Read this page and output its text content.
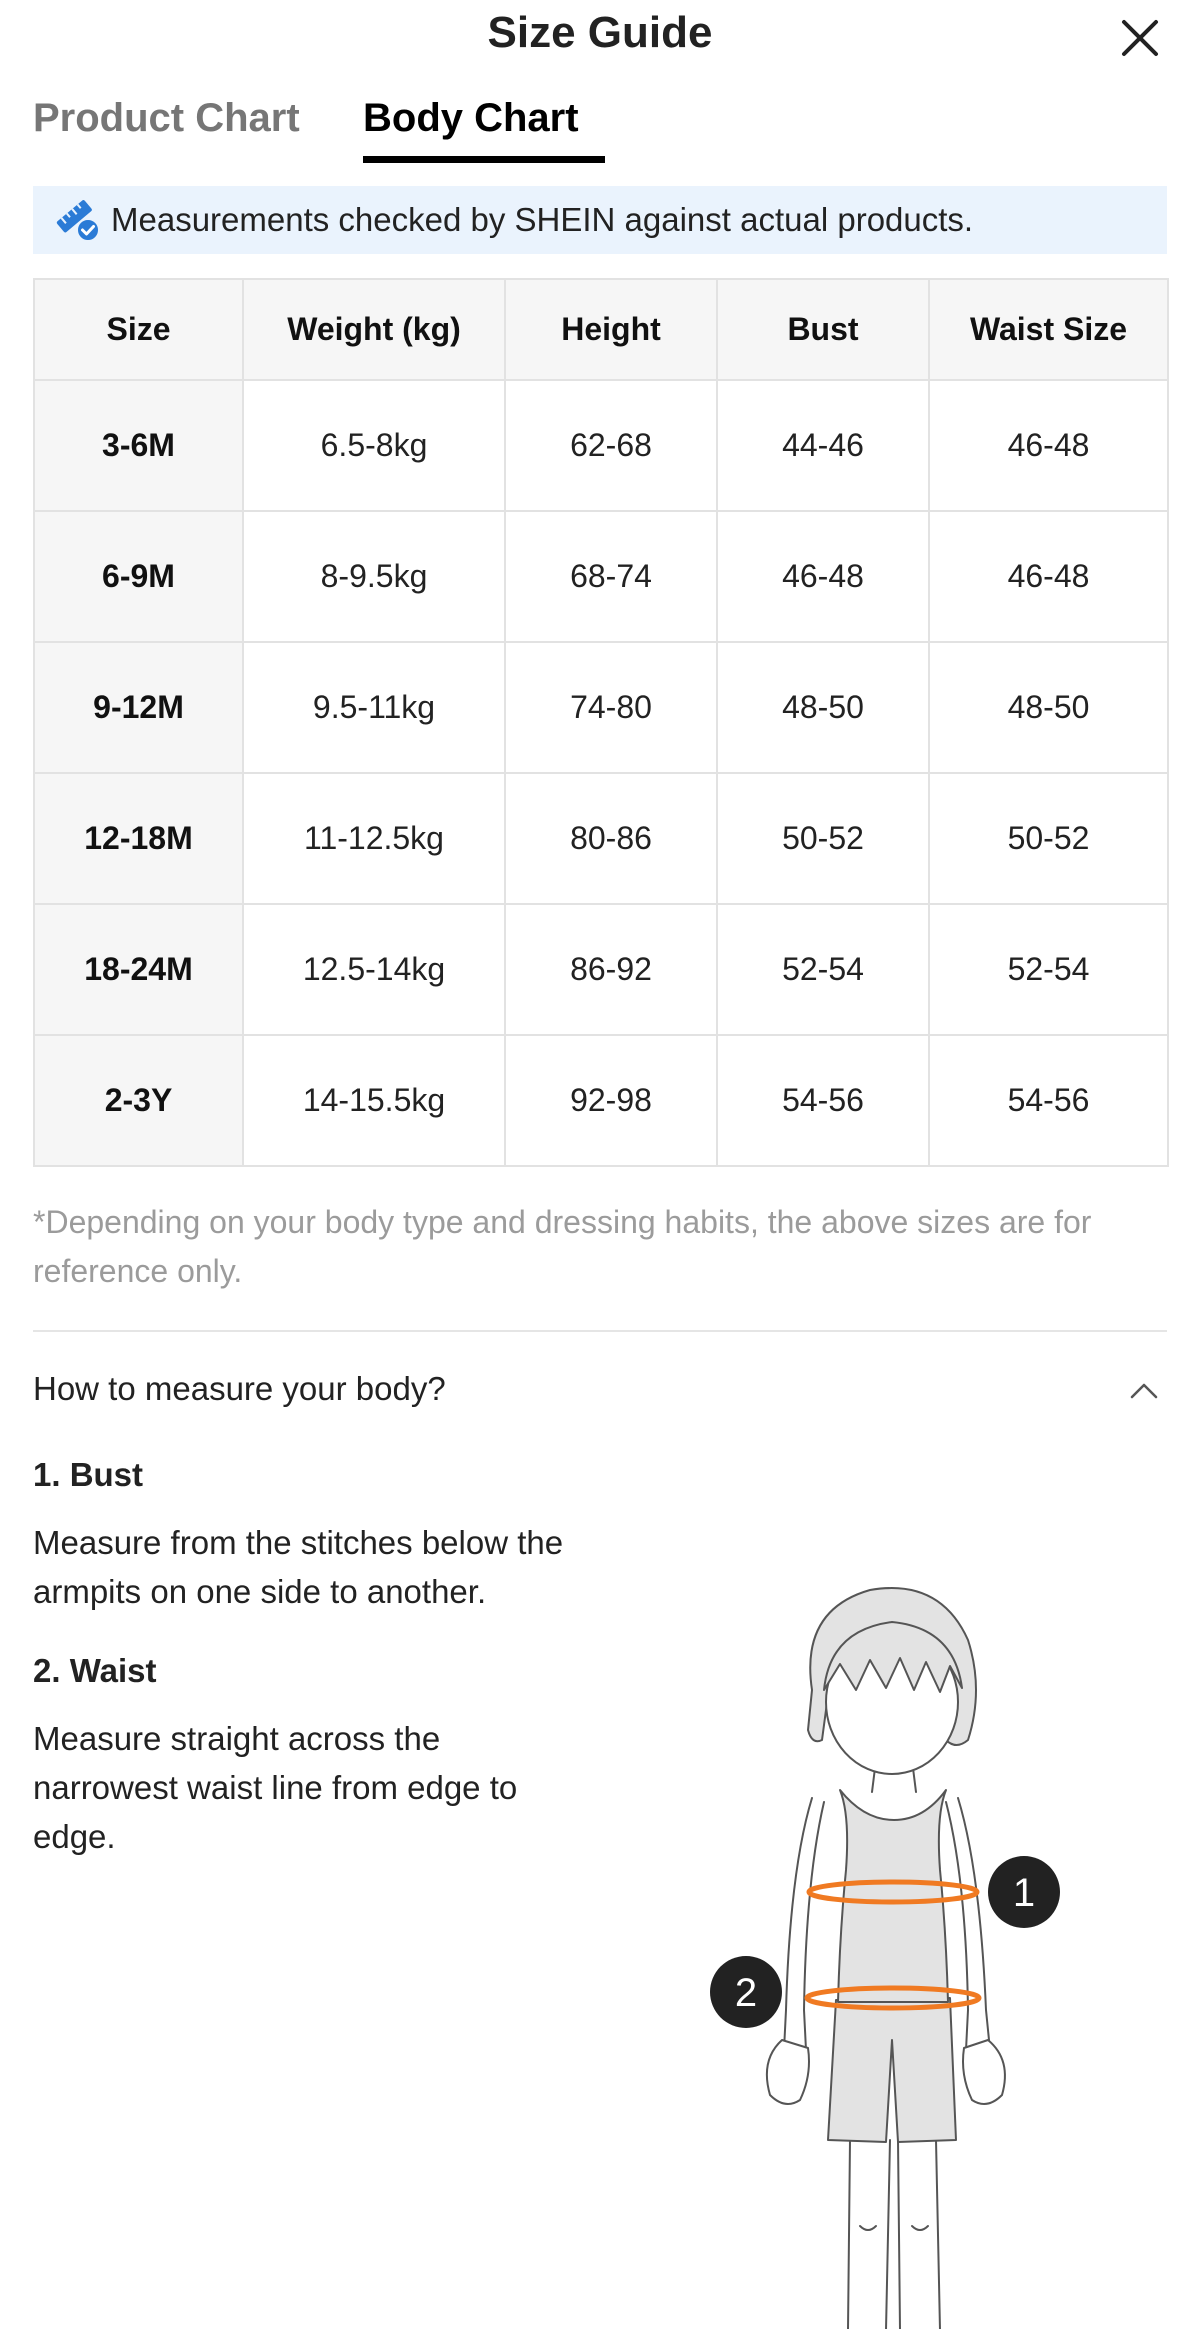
Size Guide
Product Chart Body Chart
Measurements checked by SHEIN against actual products.
Size	Weight (kg)	Height	Bust	Waist Size
3-6M	6.5-8kg	62-68	44-46	46-48
6-9M	8-9.5kg	68-74	46-48	46-48
9-12M	9.5-11kg	74-80	48-50	48-50
12-18M	11-12.5kg	80-86	50-52	50-52
18-24M	12.5-14kg	86-92	52-54	52-54
2-3Y	14-15.5kg	92-98	54-56	54-56
*Depending on your body type and dressing habits, the above sizes are for reference only.
How to measure your body?
1. Bust
Measure from the stitches below the armpits on one side to another.
2. Waist
Measure straight across the narrowest waist line from edge to edge.
1
2
